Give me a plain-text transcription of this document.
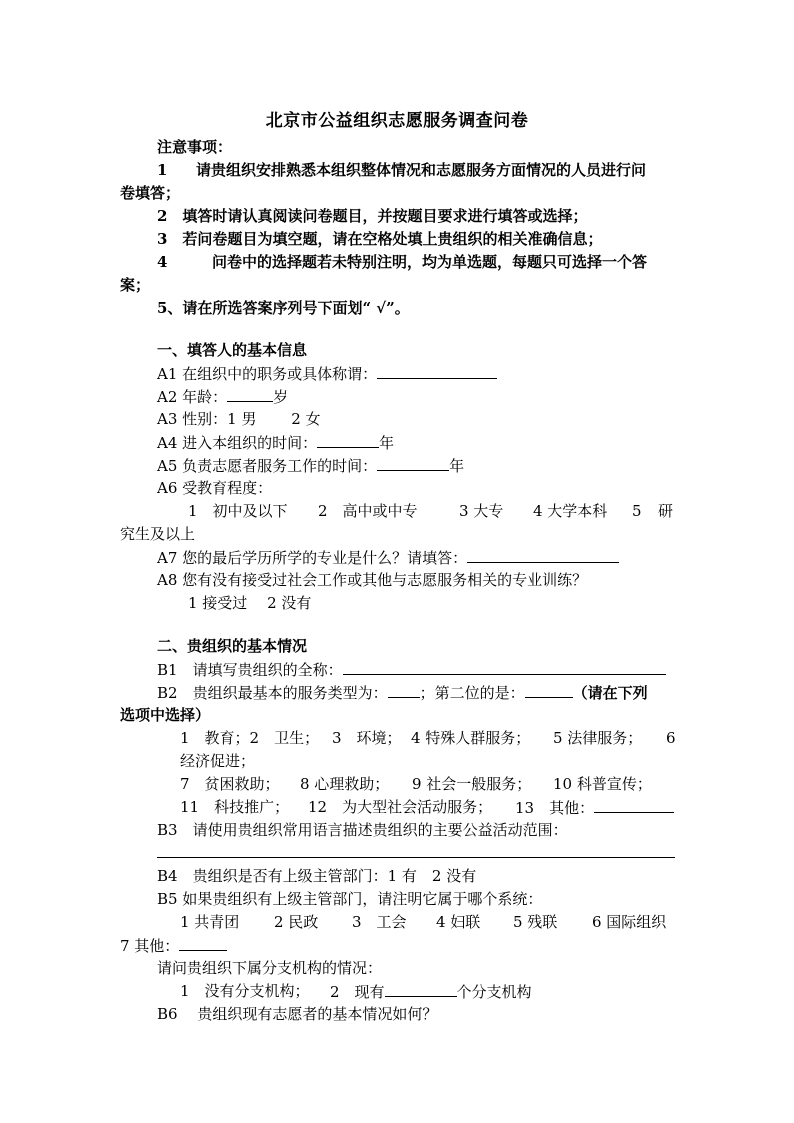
北京市公益组织志愿服务调查问卷
注意事项：
1 请贵组织安排熟悉本组织整体情况和志愿服务方面情况的人员进行问
卷填答；
2　填答时请认真阅读问卷题目，并按题目要求进行填答或选择；
3　若问卷题目为填空题，请在空格处填上贵组织的相关准确信息；
4	问卷中的选择题若未特别注明，均为单选题，每题只可选择一个答
案；
5、请在所选答案序列号下面划“ √”。
一、填答人的基本信息
A1 在组织中的职务或具体称谓：
A2 年龄：	岁
A3 性别：1 男　　 2 女
A4 进入本组织的时间：	年
A5 负责志愿者服务工作的时间：	年
A6 受教育程度：
1　初中及以下 2　高中或中专	3 大专 4 大学本科 5 研
究生及以上
A7 您的最后学历所学的专业是什么？请填答：
A8 您有没有接受过社会工作或其他与志愿服务相关的专业训练？
1 接受过　 2 没有
二、贵组织的基本情况
B1　请填写贵组织的全称：
B2　贵组织最基本的服务类型为： ；第二位的是：	（请在下列
选项中选择）
1　教育；2　卫生； 3　环境； 4 特殊人群服务； 5 法律服务； 6
经济促进；
7　贫困救助； 8 心理救助； 9 社会一般服务； 10 科普宣传；
11　科技推广； 12　为大型社会活动服务； 13　其他：
B3　请使用贵组织常用语言描述贵组织的主要公益活动范围：
B4　贵组织是否有上级主管部门：1 有　2 没有
B5 如果贵组织有上级主管部门，请注明它属于哪个系统：
1 共青团 2 民政 3　工会 4 妇联 5 残联 6 国际组织
7 其他：
请问贵组织下属分支机构的情况：
1　没有分支机构； 2　现有	个分支机构
B6　 贵组织现有志愿者的基本情况如何？
